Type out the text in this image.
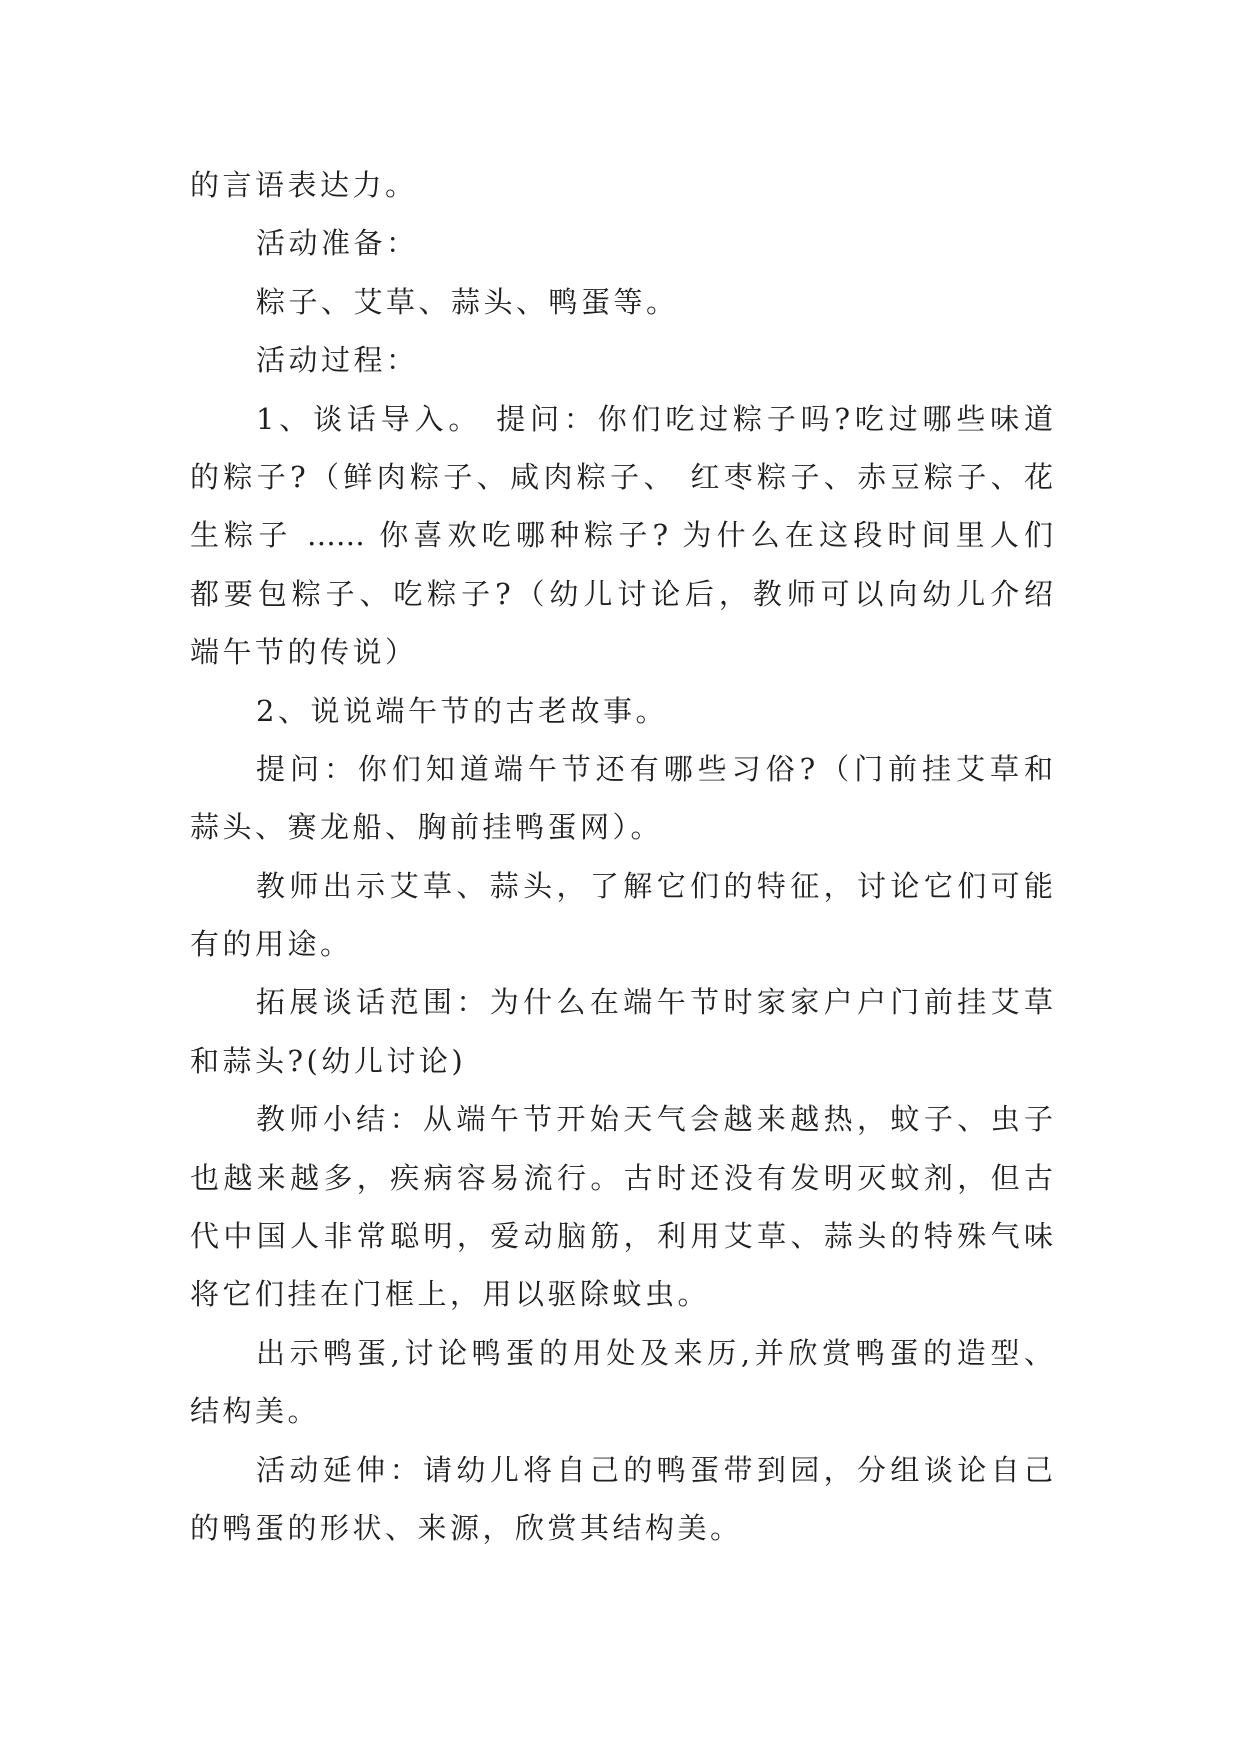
的言语表达力。
活动准备：
粽子、艾草、蒜头、鸭蛋等。
活动过程：
1、谈话导入。 提问：你们吃过粽子吗?吃过哪些味道
的粽子?（鲜肉粽子、咸肉粽子、 红枣粽子、赤豆粽子、花
生粽子 …… 你喜欢吃哪种粽子? 为什么在这段时间里人们
都要包粽子、吃粽子?（幼儿讨论后，教师可以向幼儿介绍
端午节的传说）
2、说说端午节的古老故事。
提问：你们知道端午节还有哪些习俗?（门前挂艾草和
蒜头、赛龙船、胸前挂鸭蛋网）。
教师出示艾草、蒜头，了解它们的特征，讨论它们可能
有的用途。
拓展谈话范围：为什么在端午节时家家户户门前挂艾草
和蒜头?(幼儿讨论)
教师小结：从端午节开始天气会越来越热，蚊子、虫子
也越来越多，疾病容易流行。古时还没有发明灭蚊剂，但古
代中国人非常聪明，爱动脑筋，利用艾草、蒜头的特殊气味
将它们挂在门框上，用以驱除蚊虫。
出示鸭蛋,讨论鸭蛋的用处及来历,并欣赏鸭蛋的造型、
结构美。
活动延伸：请幼儿将自己的鸭蛋带到园，分组谈论自己
的鸭蛋的形状、来源，欣赏其结构美。
